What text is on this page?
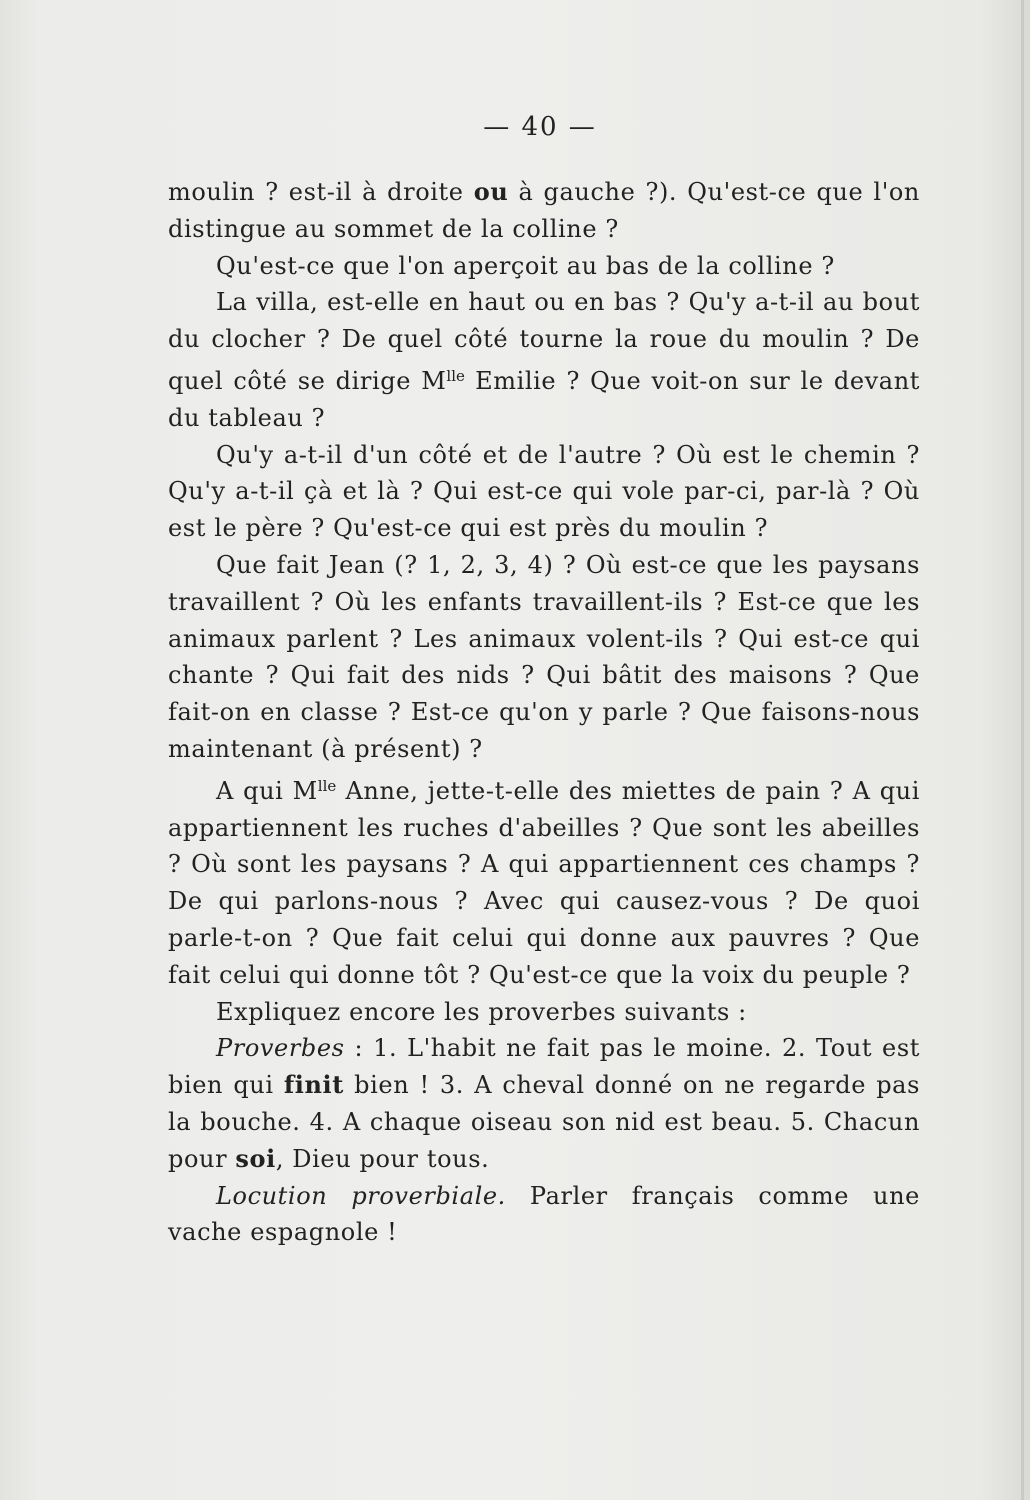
— 40 —

moulin ? est-il à droite ou à gauche ?). Qu'est-ce que l'on distingue au sommet de la colline ?

Qu'est-ce que l'on aperçoit au bas de la colline ?

La villa, est-elle en haut ou en bas ? Qu'y a-t-il au bout du clocher ? De quel côté tourne la roue du moulin ? De quel côté se dirige $M^{lle}$ Emilie ? Que voit-on sur le devant du tableau ?

Qu'y a-t-il d'un côté et de l'autre ? Où est le chemin ? Qu'y a-t-il çà et là ? Qui est-ce qui vole par-ci, par-là ? Où est le père ? Qu'est-ce qui est près du moulin ?

Que fait Jean (? 1, 2, 3, 4) ? Où est-ce que les paysans travaillent ? Où les enfants travaillent-ils ? Est-ce que les animaux parlent ? Les animaux volent-ils ? Qui est-ce qui chante ? Qui fait des nids ? Qui bâtit des maisons ? Que fait-on en classe ? Est-ce qu'on y parle ? Que faisons-nous maintenant (à présent) ?

A qui $M^{lle}$ Anne, jette-t-elle des miettes de pain ? A qui appartiennent les ruches d'abeilles ? Que sont les abeilles ? Où sont les paysans ? A qui appartiennent ces champs ? De qui parlons-nous ? Avec qui causez-vous ? De quoi parle-t-on ? Que fait celui qui donne aux pauvres ? Que fait celui qui donne tôt ? Qu'est-ce que la voix du peuple ?

Expliquez encore les proverbes suivants :

Proverbes : 1. L'habit ne fait pas le moine. 2. Tout est bien qui finit bien ! 3. A cheval donné on ne regarde pas la bouche. 4. A chaque oiseau son nid est beau. 5. Chacun pour soi, Dieu pour tous.

Locution proverbiale. Parler français comme une vache espagnole !
